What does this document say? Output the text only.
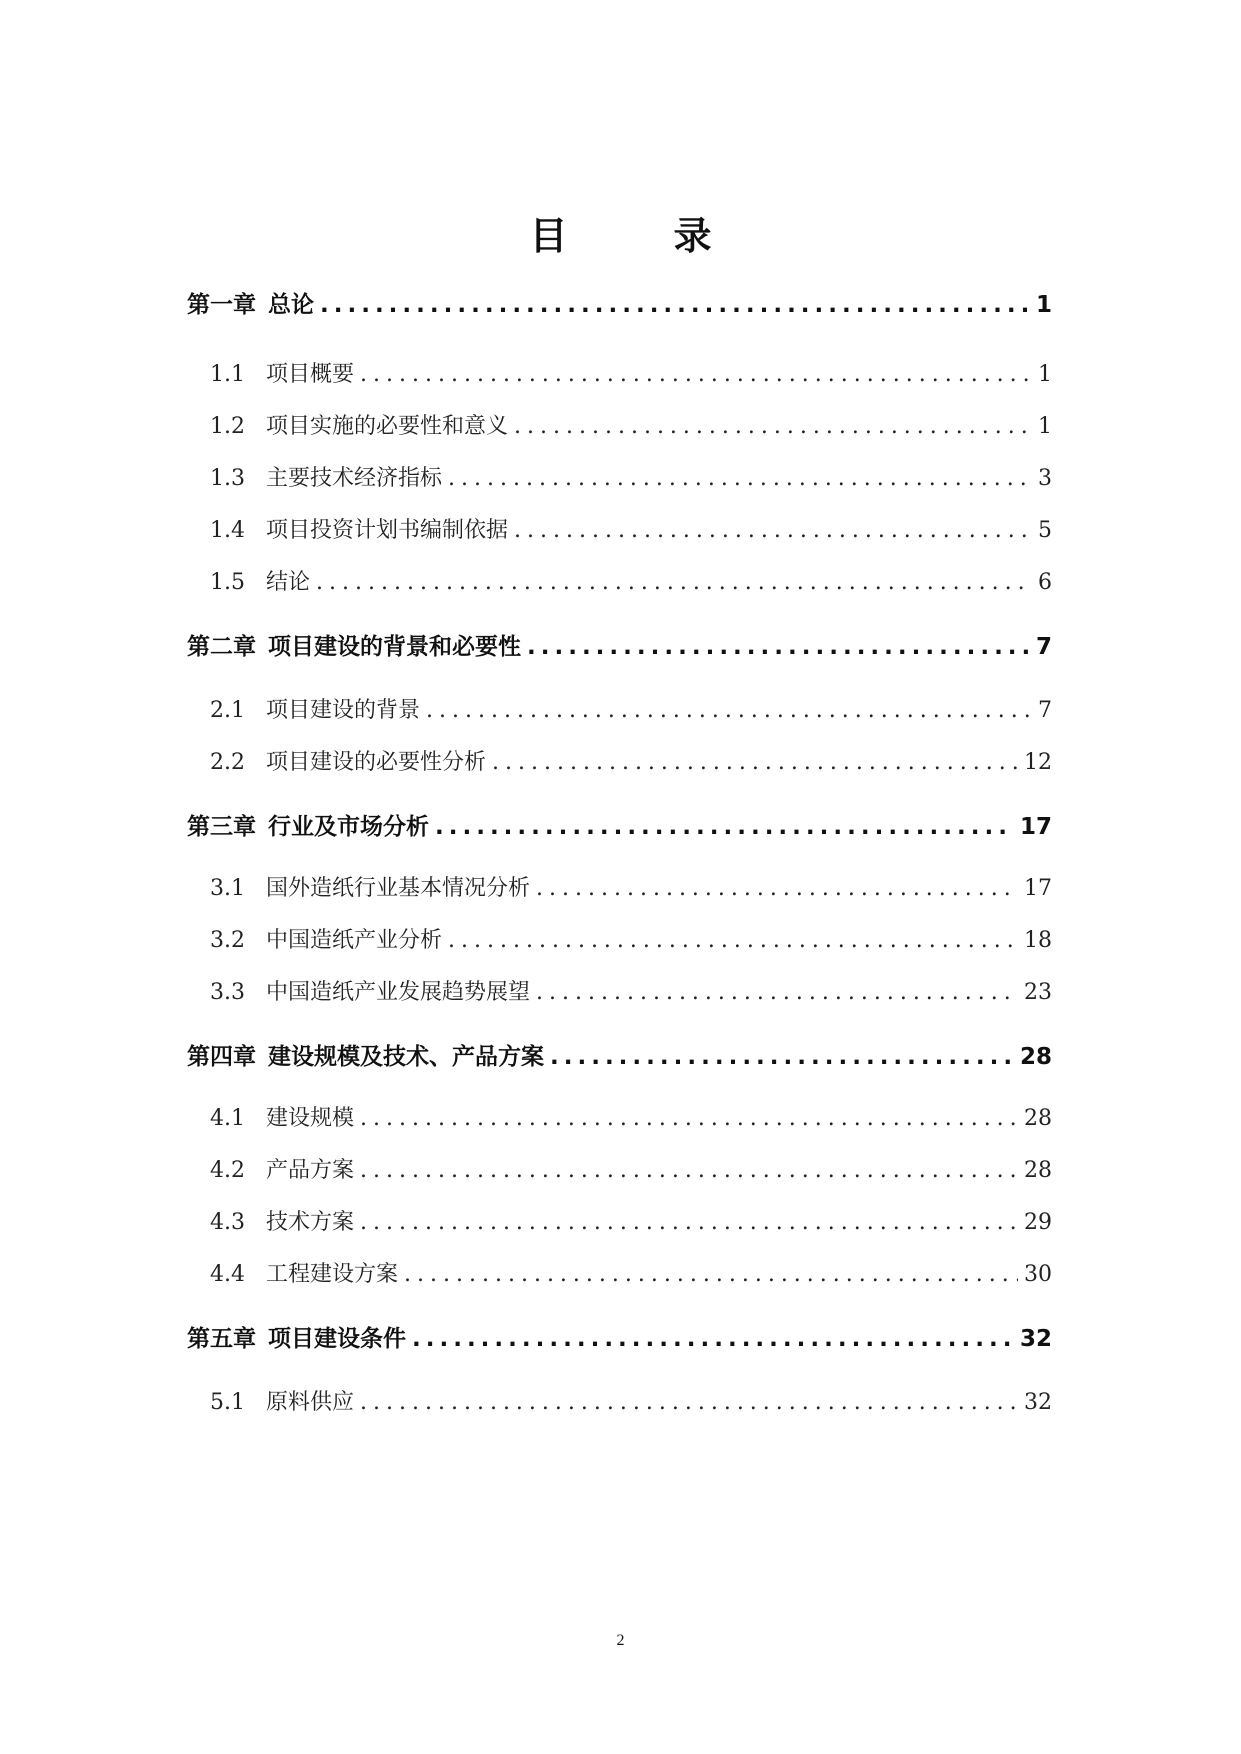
目　录
第一章 总论 .....	1
1.1 项目概要 .....	1
1.2 项目实施的必要性和意义 .....	1
1.3 主要技术经济指标 .....	3
1.4 项目投资计划书编制依据 .....	5
1.5 结论 .....	6
第二章 项目建设的背景和必要性 .....	7
2.1 项目建设的背景 .....	7
2.2 项目建设的必要性分析 .....	12
第三章 行业及市场分析 .....	17
3.1 国外造纸行业基本情况分析 .....	17
3.2 中国造纸产业分析 .....	18
3.3 中国造纸产业发展趋势展望 .....	23
第四章 建设规模及技术、产品方案 .....	28
4.1 建设规模 .....	28
4.2 产品方案 .....	28
4.3 技术方案 .....	29
4.4 工程建设方案 .....	30
第五章 项目建设条件 .....	32
5.1 原料供应 .....	32
2
